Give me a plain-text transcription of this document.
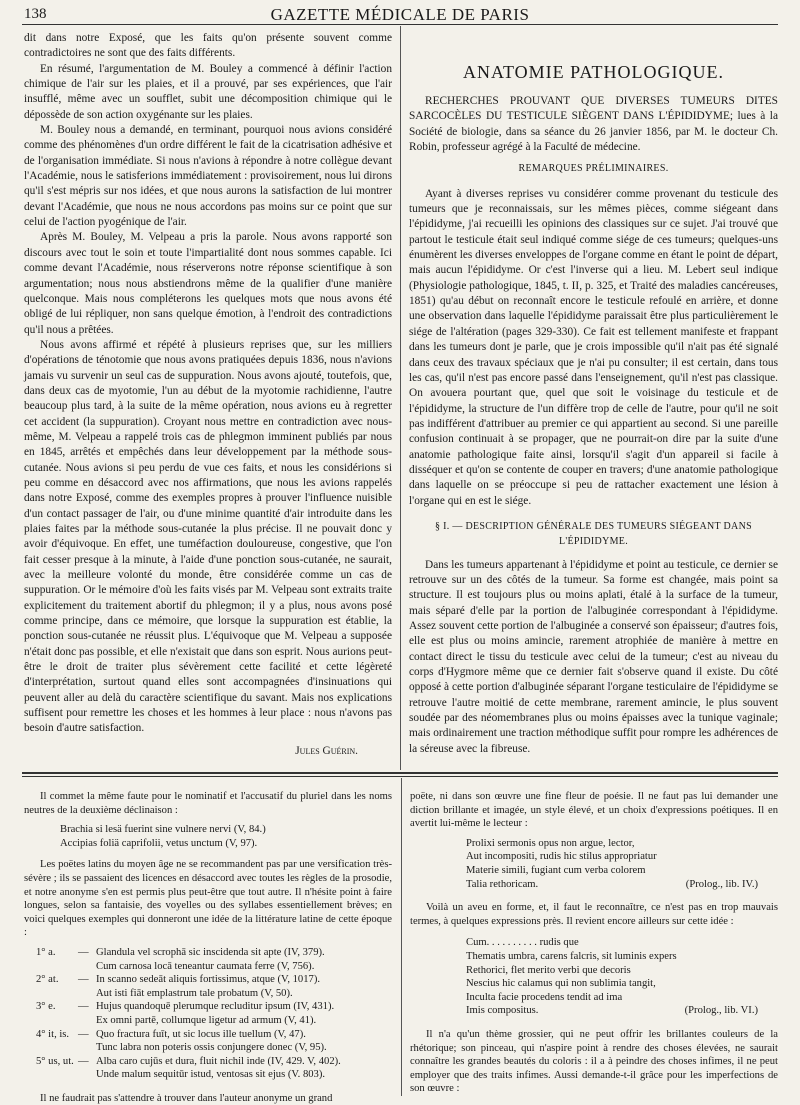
138	GAZETTE MÉDICALE DE PARIS

dit dans notre Exposé, que les faits qu'on présente souvent comme contradictoires ne sont que des faits différents.

En résumé, l'argumentation de M. Bouley a commencé à définir l'action chimique de l'air sur les plaies, et il a prouvé, par ses expériences, que l'air insufflé, même avec un soufflet, subit une décomposition chimique qui le dépossède de son action oxygénante sur les plaies.

M. Bouley nous a demandé, en terminant, pourquoi nous avions considéré comme des phénomènes d'un ordre différent le fait de la cicatrisation adhésive et de l'organisation immédiate. Si nous n'avions à répondre à notre collègue devant l'Académie, nous le satisferions immédiatement : provisoirement, nous lui dirons qu'il s'est mépris sur nos idées, et que nous aurons la satisfaction de lui montrer devant l'Académie, que nous ne nous accordons pas moins sur ce point que sur celui de l'action pyogénique de l'air.

Après M. Bouley, M. Velpeau a pris la parole. Nous avons rapporté son discours avec tout le soin et toute l'impartialité dont nous sommes capable. Ici comme devant l'Académie, nous réserverons notre réponse scientifique à son argumentation; nous nous abstiendrons même de la qualifier d'une manière quelconque. Mais nous compléterons les quelques mots que nous avons été obligé de lui répliquer, non sans quelque émotion, à l'endroit des contradictions qu'il nous a prêtées.

Nous avons affirmé et répété à plusieurs reprises que, sur les milliers d'opérations de ténotomie que nous avons pratiquées depuis 1836, nous n'avions jamais vu survenir un seul cas de suppuration. Nous avons ajouté, toutefois, que, dans deux cas de myotomie, l'un au début de la myotomie rachidienne, l'autre beaucoup plus tard, à la suite de la même opération, nous avions eu à regretter cet accident (la suppuration). Croyant nous mettre en contradiction avec nous-même, M. Velpeau a rappelé trois cas de phlegmon imminent publiés par nous en 1845, arrêtés et empêchés dans leur développement par la méthode sous-cutanée. Nous avions si peu perdu de vue ces faits, et nous les considérions si peu comme en désaccord avec nos affirmations, que nous les avions rappelés dans notre Exposé, comme des exemples propres à prouver l'influence nuisible d'un contact passager de l'air, ou d'une minime quantité d'air introduite dans les plaies faites par la méthode sous-cutanée la plus précise. Il ne pouvait donc y avoir d'équivoque. En effet, une tuméfaction douloureuse, congestive, que l'on fait cesser presque à la minute, à l'aide d'une ponction sous-cutanée, ne saurait, avec la meilleure volonté du monde, être considérée comme un cas de suppuration. Or le mémoire d'où les faits visés par M. Velpeau sont extraits traite explicitement du traitement abortif du phlegmon; il y a plus, nous avons posé comme principe, dans ce mémoire, que lorsque la suppuration est établie, la ponction sous-cutanée ne réussit plus. L'équivoque que M. Velpeau a supposée n'était donc pas possible, et elle n'existait que dans son esprit. Nous aurions peut-être le droit de traiter plus sévèrement cette facilité et cette légèreté d'interprétation, surtout quand elles sont accompagnées d'insinuations qui peuvent aller au delà du caractère scientifique du savant. Mais nos explications suffisent pour remettre les choses et les hommes à leur place : nous n'avons pas besoin d'autre satisfaction.

Jules Guérin.

ANATOMIE PATHOLOGIQUE.

RECHERCHES PROUVANT QUE DIVERSES TUMEURS DITES SARCOCÈLES DU TESTICULE SIÈGENT DANS L'ÉPIDIDYME; lues à la Société de biologie, dans sa séance du 26 janvier 1856, par M. le docteur Ch. Robin, professeur agrégé à la Faculté de médecine.

REMARQUES PRÉLIMINAIRES.

Ayant à diverses reprises vu considérer comme provenant du testicule des tumeurs que je reconnaissais, sur les mêmes pièces, comme siégeant dans l'épididyme, j'ai recueilli les opinions des classiques sur ce sujet. J'ai trouvé que partout le testicule était seul indiqué comme siége de ces tumeurs; quelques-uns énumèrent les diverses enveloppes de l'organe comme en étant le point de départ, mais aucun l'épididyme. Or c'est l'inverse qui a lieu. M. Lebert seul indique (Physiologie pathologique, 1845, t. II, p. 325, et Traité des maladies cancéreuses, 1851) qu'au début on reconnaît encore le testicule refoulé en arrière, et donne une observation dans laquelle l'épididyme paraissait être plus particulièrement le siége de l'altération (pages 329-330). Ce fait est tellement manifeste et frappant dans les tumeurs dont je parle, que je crois impossible qu'il n'ait pas été signalé dans ceux des travaux spéciaux que je n'ai pu consulter; il est certain, dans tous les cas, qu'il n'est pas encore passé dans l'enseignement, qu'il n'est pas classique. On avouera pourtant que, quel que soit le voisinage du testicule et de l'épididyme, la structure de l'un diffère trop de celle de l'autre, pour qu'il ne soit pas indifférent d'attribuer au premier ce qui appartient au second. Si une pareille confusion continuait à se propager, que ne pourrait-on dire par la suite d'une anatomie pathologique faite ainsi, lorsqu'il s'agit d'un appareil si facile à disséquer et qu'on se contente de couper en travers; d'une anatomie pathologique dans laquelle on se préoccupe si peu de rattacher exactement une lésion à l'organe qui en est le siége.

§ I. — DESCRIPTION GÉNÉRALE DES TUMEURS SIÉGEANT DANS L'ÉPIDIDYME.

Dans les tumeurs appartenant à l'épididyme et point au testicule, ce dernier se retrouve sur un des côtés de la tumeur. Sa forme est changée, mais point sa structure. Il est toujours plus ou moins aplati, étalé à la surface de la tumeur, mais séparé d'elle par la portion de l'albuginée correspondant à l'épididyme. Assez souvent cette portion de l'albuginée a conservé son épaisseur; d'autres fois, elle est plus ou moins amincie, rarement atrophiée de manière à mettre en contact direct le tissu du testicule avec celui de la tumeur; c'est au niveau du corps d'Hygmore même que ce dernier fait s'observe quand il existe. Du côté opposé à cette portion d'albuginée séparant l'organe testiculaire de l'épididyme se retrouve l'autre moitié de cette membrane, rarement amincie, le plus souvent soudée par des néomembranes plus ou moins épaisses avec la tunique vaginale; mais ordinairement une traction méthodique suffit pour rompre les adhérences de la séreuse avec la fibreuse.

Il commet la même faute pour le nominatif et l'accusatif du pluriel dans les noms neutres de la deuxième déclinaison :

Brachia si lesä fuerint sine vulnere nervi (V, 84.)

Accipias foliä caprifolii, vetus unctum (V, 97).

Les poëtes latins du moyen âge ne se recommandent pas par une versification très-sévère ; ils se passaient des licences en désaccord avec toutes les règles de la prosodie, et notre anonyme s'en est permis plus peut-être que tout autre. Il n'hésite point à faire longues, selon sa fantaisie, des voyelles ou des syllabes essentiellement brèves; en voici quelques exemples qui donneront une idée de la littérature latine de cette époque :

1° a.	— Glandula vel scrophā sic inscidenda sit apte (IV, 379).

Cum carnosa locā teneantur caumata ferre (V, 756).

2° at.	— In scanno sedeāt aliquis fortissimus, atque (V, 1017).

Aut isti fiāt emplastrum tale probatum (V, 50).

3° e.	— Hujus quandoquē plerumque recluditur ipsum (IV, 431).

Ex omni partē, collumque ligetur ad armum (V, 41).

4° it, is. — Quo fractura fuīt, ut sic locus ille tuellum (V, 47).

Tunc labra non poteris ossis conjungere donec (V, 95).

5° us, ut. — Alba caro cujūs et dura, fluit nichil inde (IV, 429. V, 402).

Unde malum sequitūr istud, ventosas sit ejus (V. 803).

Il ne faudrait pas s'attendre à trouver dans l'auteur anonyme un grand

poëte, ni dans son œuvre une fine fleur de poésie. Il ne faut pas lui demander une diction brillante et imagée, un style élevé, et un choix d'expressions poétiques. Il en avertit lui-même le lecteur :

Prolixi sermonis opus non argue, lector,

Aut incompositi, rudis hic stilus appropriatur

Materie simili, fugiant cum verba colorem

Talia rethoricam.	(Prolog., lib. IV.)

Voilà un aveu en forme, et, il faut le reconnaître, ce n'est pas en trop mauvais termes, à quelques expressions près. Il revient encore ailleurs sur cette idée :

Cum. . . . . . . . . . rudis que

Thematis umbra, carens falcris, sit luminis expers

Rethorici, flet merito verbi que decoris

Nescius hic calamus qui non sublimia tangit,

Inculta facie procedens tendit ad ima

Imis compositus.	(Prolog., lib. VI.)

Il n'a qu'un thème grossier, qui ne peut offrir les brillantes couleurs de la rhétorique; son pinceau, qui n'aspire point à rendre des choses élevées, ne saurait connaître les grandes beautés du coloris : il a à peindre des choses infimes, il ne peut employer que des traits infimes. Aussi demande-t-il grâce pour les imperfections de son œuvre :
